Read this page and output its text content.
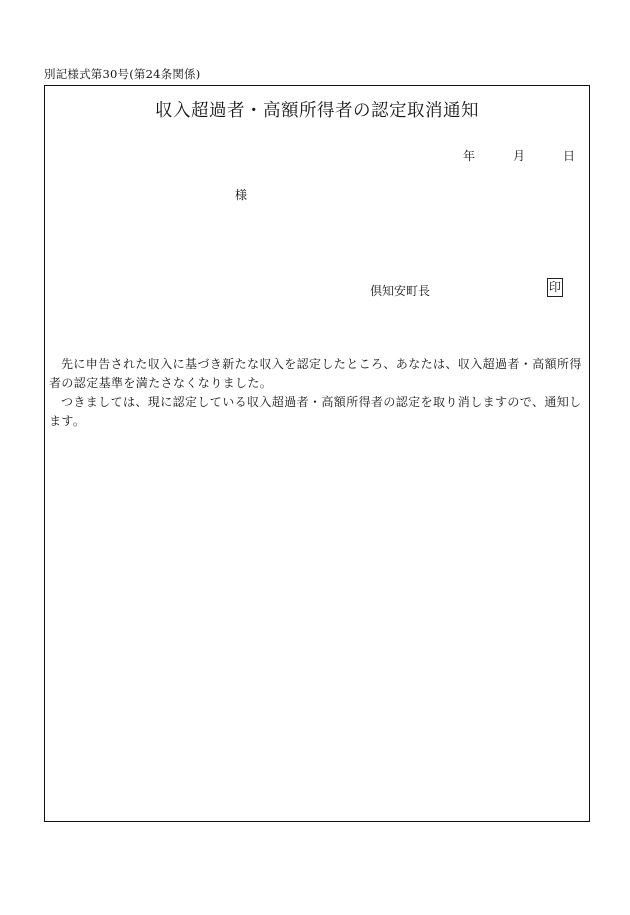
別記様式第30号(第24条関係)
収入超過者・高額所得者の認定取消通知
年	月	日
様
倶知安町長	印

先に申告された収入に基づき新たな収入を認定したところ、あなたは、収入超過者・高額所得者の認定基準を満たさなくなりました。

つきましては、現に認定している収入超過者・高額所得者の認定を取り消しますので、通知します。
